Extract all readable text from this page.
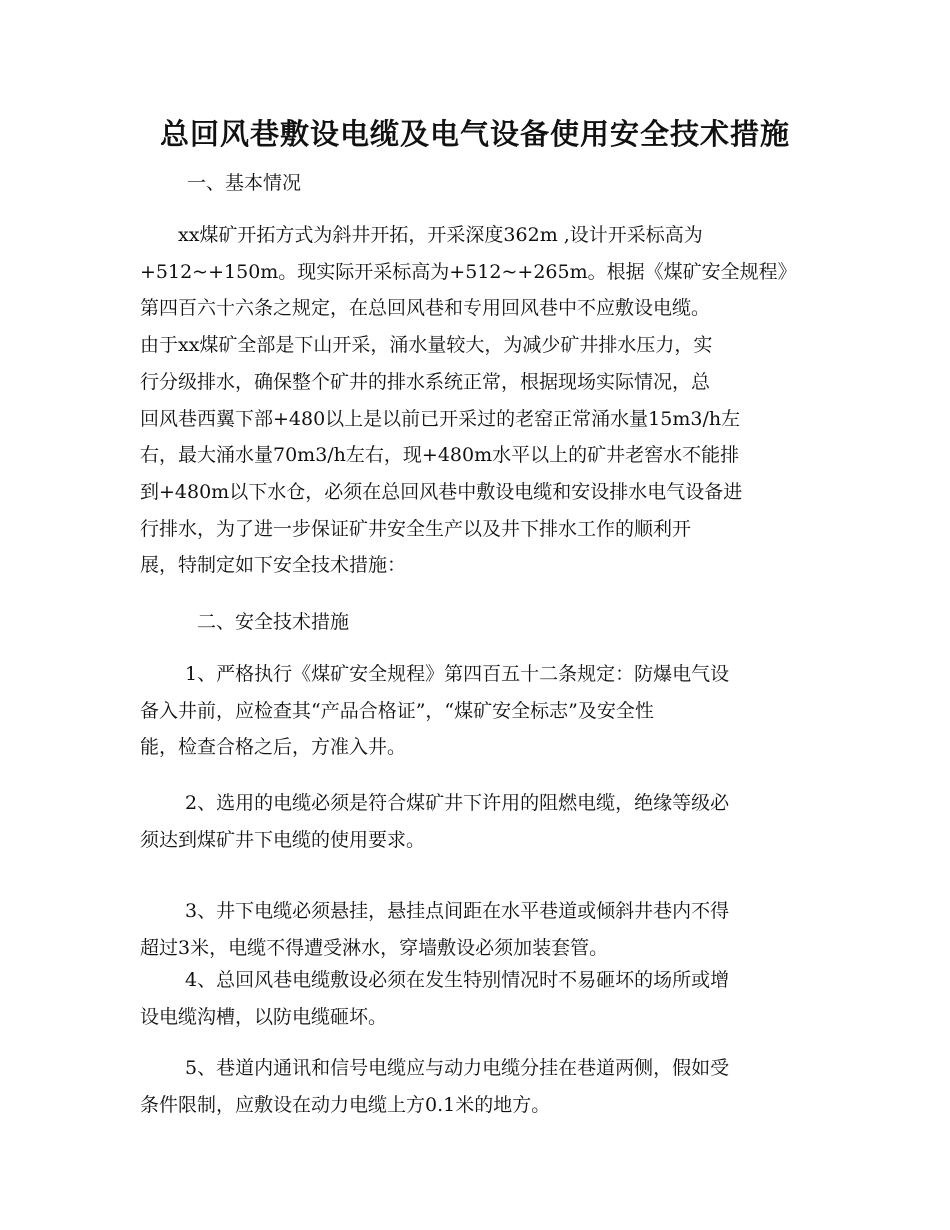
总回风巷敷设电缆及电气设备使用安全技术措施

一、基本情况

xx煤矿开拓方式为斜井开拓，开采深度362m ,设计开采标高为
+512~+150m。现实际开采标高为+512~+265m。根据《煤矿安全规程》
第四百六十六条之规定，在总回风巷和专用回风巷中不应敷设电缆。
由于xx煤矿全部是下山开采，涌水量较大，为减少矿井排水压力，实
行分级排水，确保整个矿井的排水系统正常，根据现场实际情况，总
回风巷西翼下部+480以上是以前已开采过的老窑正常涌水量15m3/h左
右，最大涌水量70m3/h左右，现+480m水平以上的矿井老窖水不能排
到+480m以下水仓，必须在总回风巷中敷设电缆和安设排水电气设备进
行排水，为了进一步保证矿井安全生产以及井下排水工作的顺利开
展，特制定如下安全技术措施：

二、安全技术措施

1、严格执行《煤矿安全规程》第四百五十二条规定：防爆电气设
备入井前，应检查其“产品合格证”，“煤矿安全标志”及安全性
能，检查合格之后，方准入井。

2、选用的电缆必须是符合煤矿井下许用的阻燃电缆，绝缘等级必
须达到煤矿井下电缆的使用要求。

3、井下电缆必须悬挂，悬挂点间距在水平巷道或倾斜井巷内不得
超过3米，电缆不得遭受淋水，穿墙敷设必须加装套管。

4、总回风巷电缆敷设必须在发生特别情况时不易砸坏的场所或增
设电缆沟槽，以防电缆砸坏。

5、巷道内通讯和信号电缆应与动力电缆分挂在巷道两侧，假如受
条件限制，应敷设在动力电缆上方0.1米的地方。
